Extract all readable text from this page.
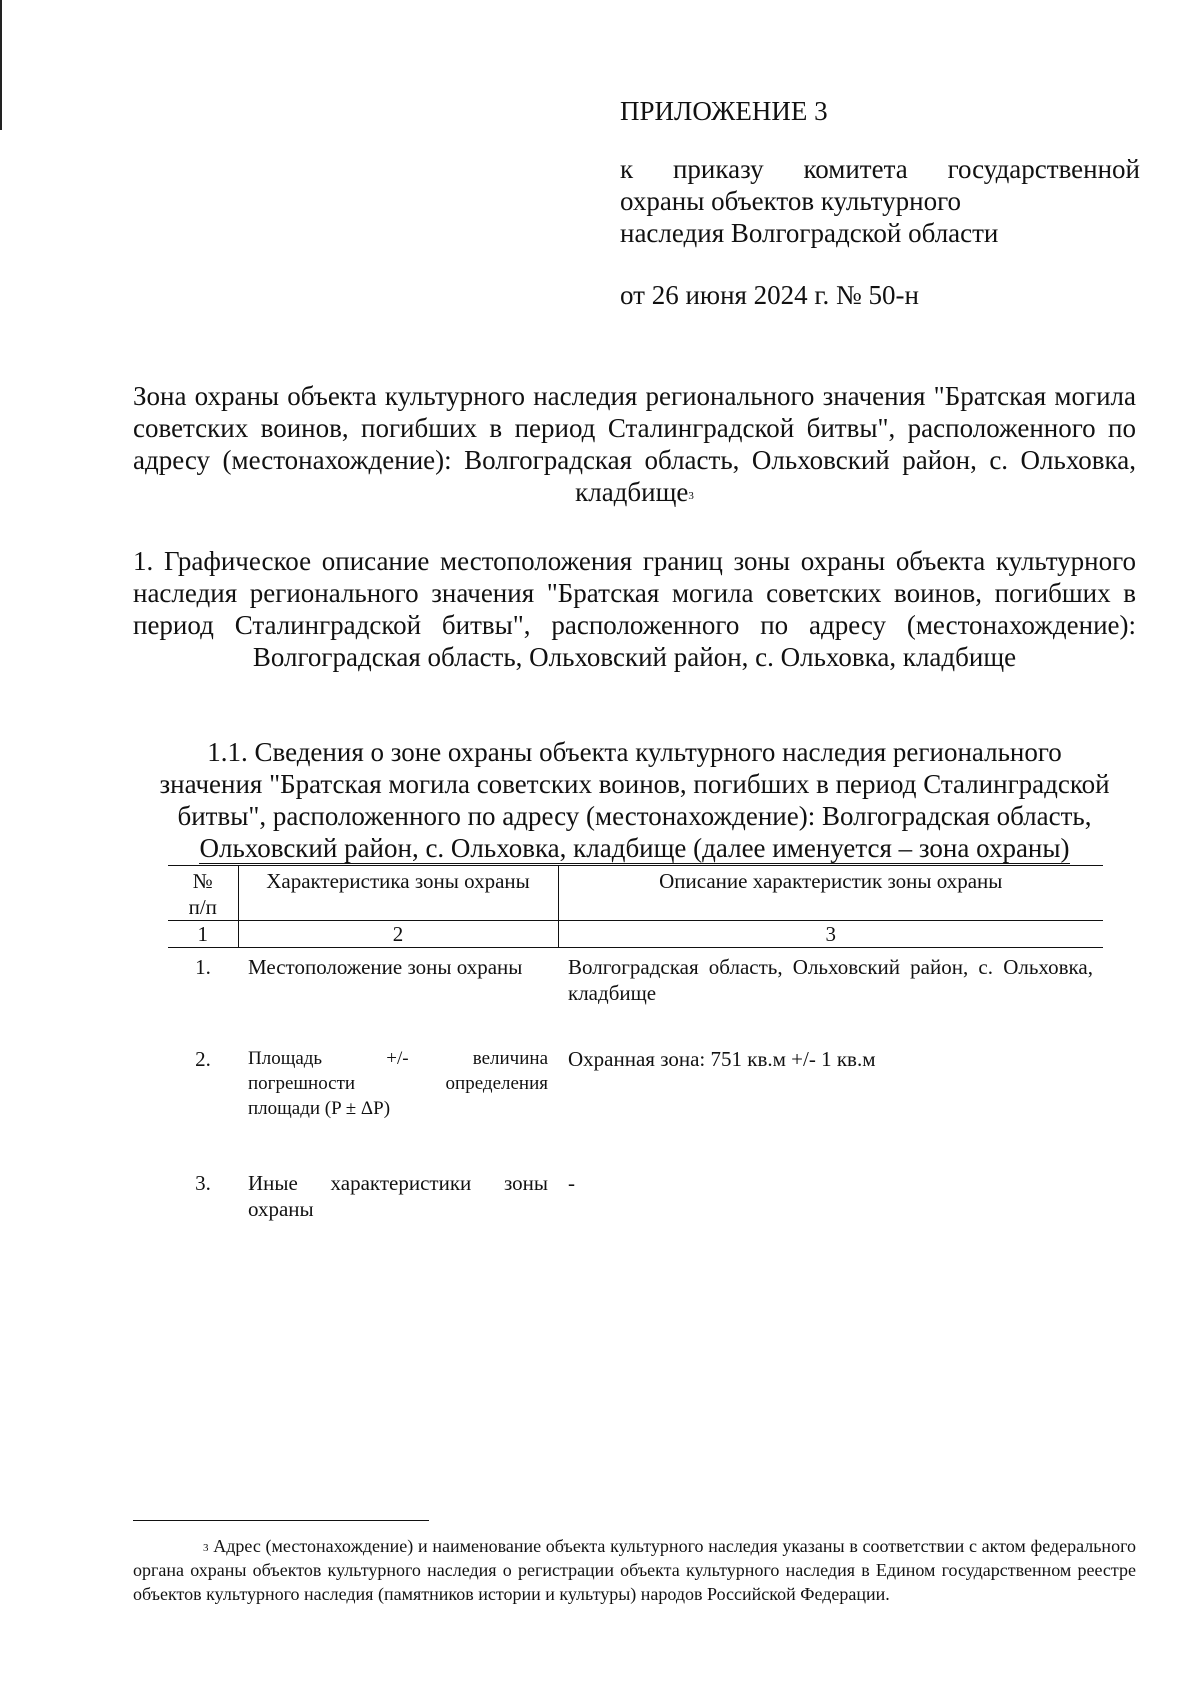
ПРИЛОЖЕНИЕ 3
к приказу комитета государственной
охраны объектов культурного
наследия Волгоградской области
от 26 июня 2024 г. № 50-н
Зона охраны объекта культурного наследия регионального значения "Братская могила советских воинов, погибших в период Сталинградской битвы", расположенного по адресу (местонахождение): Волгоградская область, Ольховский район, с. Ольховка, кладбище$^3$
1. Графическое описание местоположения границ зоны охраны объекта культурного наследия регионального значения "Братская могила советских воинов, погибших в период Сталинградской битвы", расположенного по адресу (местонахождение): Волгоградская область, Ольховский район, с. Ольховка, кладбище
1.1. Сведения о зоне охраны объекта культурного наследия регионального
значения "Братская могила советских воинов, погибших в период Сталинградской
битвы", расположенного по адресу (местонахождение): Волгоградская область,
Ольховский район, с. Ольховка, кладбище (далее именуется – зона охраны)
№
п/п	Характеристика зоны охраны	Описание характеристик зоны охраны
1	2	3
1.	Местоположение зоны охраны	Волгоградская область, Ольховский район, с. Ольховка, кладбище
2.	Площадь +/- величина
погрешности определения
площади (P ± ΔP)	Охранная зона: 751 кв.м +/- 1 кв.м
3.	Иные характеристики зоны охраны	-
$^3$ Адрес (местонахождение) и наименование объекта культурного наследия указаны в соответствии с актом федерального органа охраны объектов культурного наследия о регистрации объекта культурного наследия в Едином государственном реестре объектов культурного наследия (памятников истории и культуры) народов Российской Федерации.
